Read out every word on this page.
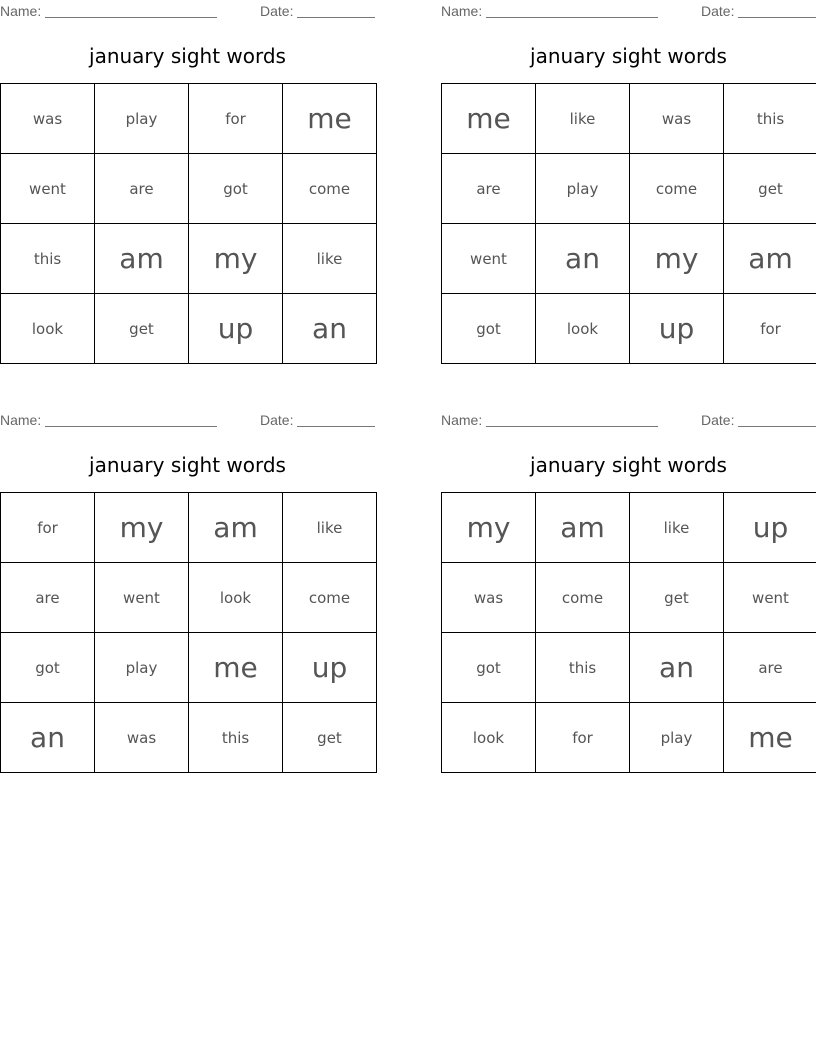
Name:	Date:
january sight words
was	play	for	me
went	are	got	come
this	am	my	like
look	get	up	an
Name:	Date:
january sight words
me	like	was	this
are	play	come	get
went	an	my	am
got	look	up	for
Name:	Date:
january sight words
for	my	am	like
are	went	look	come
got	play	me	up
an	was	this	get
Name:	Date:
january sight words
my	am	like	up
was	come	get	went
got	this	an	are
look	for	play	me
